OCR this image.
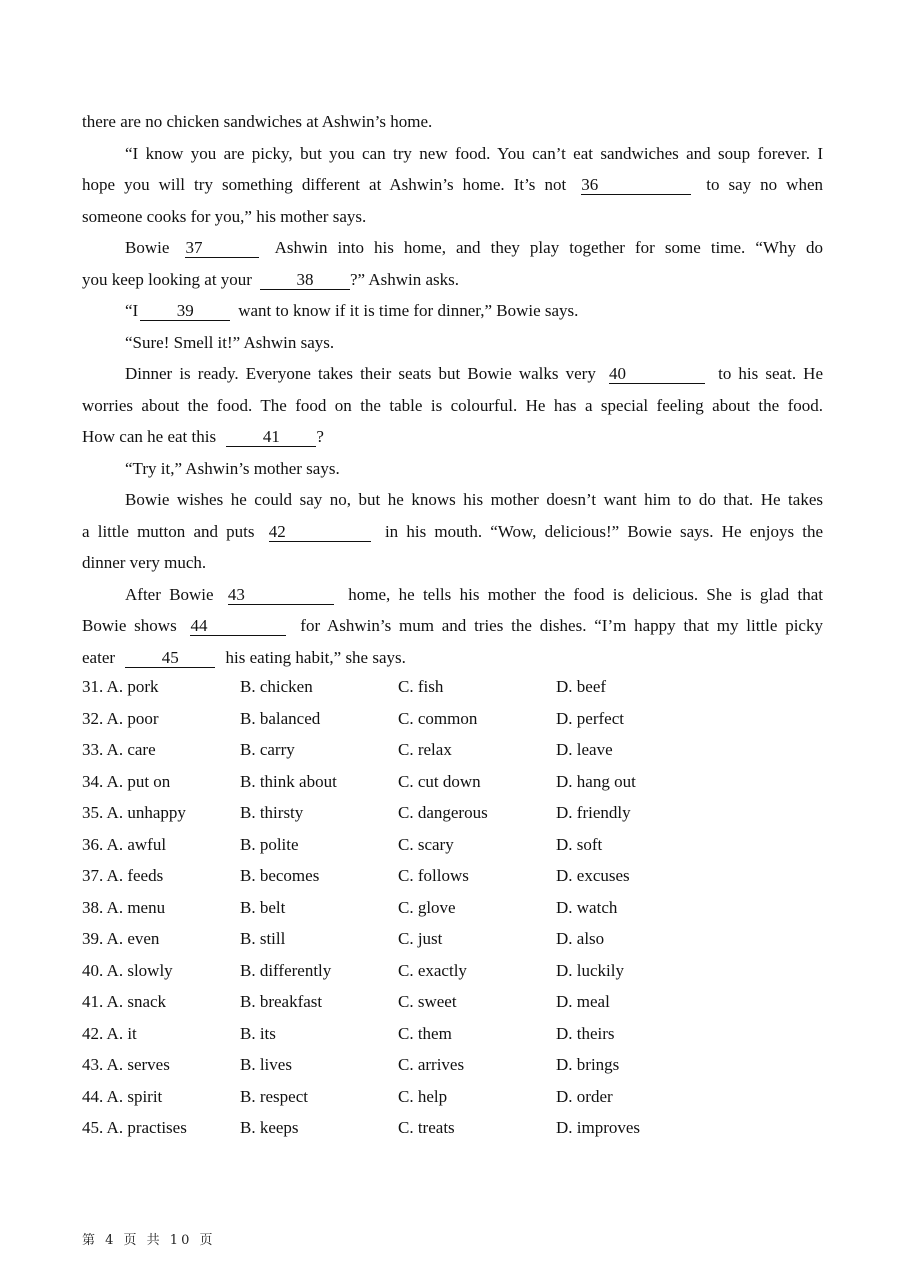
there are no chicken sandwiches at Ashwin’s home.
“I know you are picky, but you can try new food. You can’t eat sandwiches and soup forever. I
hope you will try something different at Ashwin’s home. It’s not 36	to say no when
someone cooks for you,” his mother says.
Bowie 37	Ashwin into his home, and they play together for some time. “Why do
you keep looking at your	38 ?” Ashwin asks.
“I 39	want to know if it is time for dinner,” Bowie says.
“Sure! Smell it!” Ashwin says.
Dinner is ready. Everyone takes their seats but Bowie walks very 40	to his seat. He
worries about the food. The food on the table is colourful. He has a special feeling about the food.
How can he eat this	41 ?
“Try it,” Ashwin’s mother says.
Bowie wishes he could say no, but he knows his mother doesn’t want him to do that. He takes
a little mutton and puts 42	in his mouth. “Wow, delicious!” Bowie says. He enjoys the
dinner very much.
After Bowie 43	home, he tells his mother the food is delicious. She is glad that
Bowie shows 44	for Ashwin’s mum and tries the dishes. “I’m happy that my little picky
eater	45	his eating habit,” she says.
31. A. pork	B. chicken	C. fish	D. beef
32. A. poor	B. balanced	C. common	D. perfect
33. A. care	B. carry	C. relax	D. leave
34. A. put on	B. think about	C. cut down	D. hang out
35. A. unhappy	B. thirsty	C. dangerous	D. friendly
36. A. awful	B. polite	C. scary	D. soft
37. A. feeds	B. becomes	C. follows	D. excuses
38. A. menu	B. belt	C. glove	D. watch
39. A. even	B. still	C. just	D. also
40. A. slowly	B. differently	C. exactly	D. luckily
41. A. snack	B. breakfast	C. sweet	D. meal
42. A. it	B. its	C. them	D. theirs
43. A. serves	B. lives	C. arrives	D. brings
44. A. spirit	B. respect	C. help	D. order
45. A. practises	B. keeps	C. treats	D. improves
第 4 页 共 10 页
